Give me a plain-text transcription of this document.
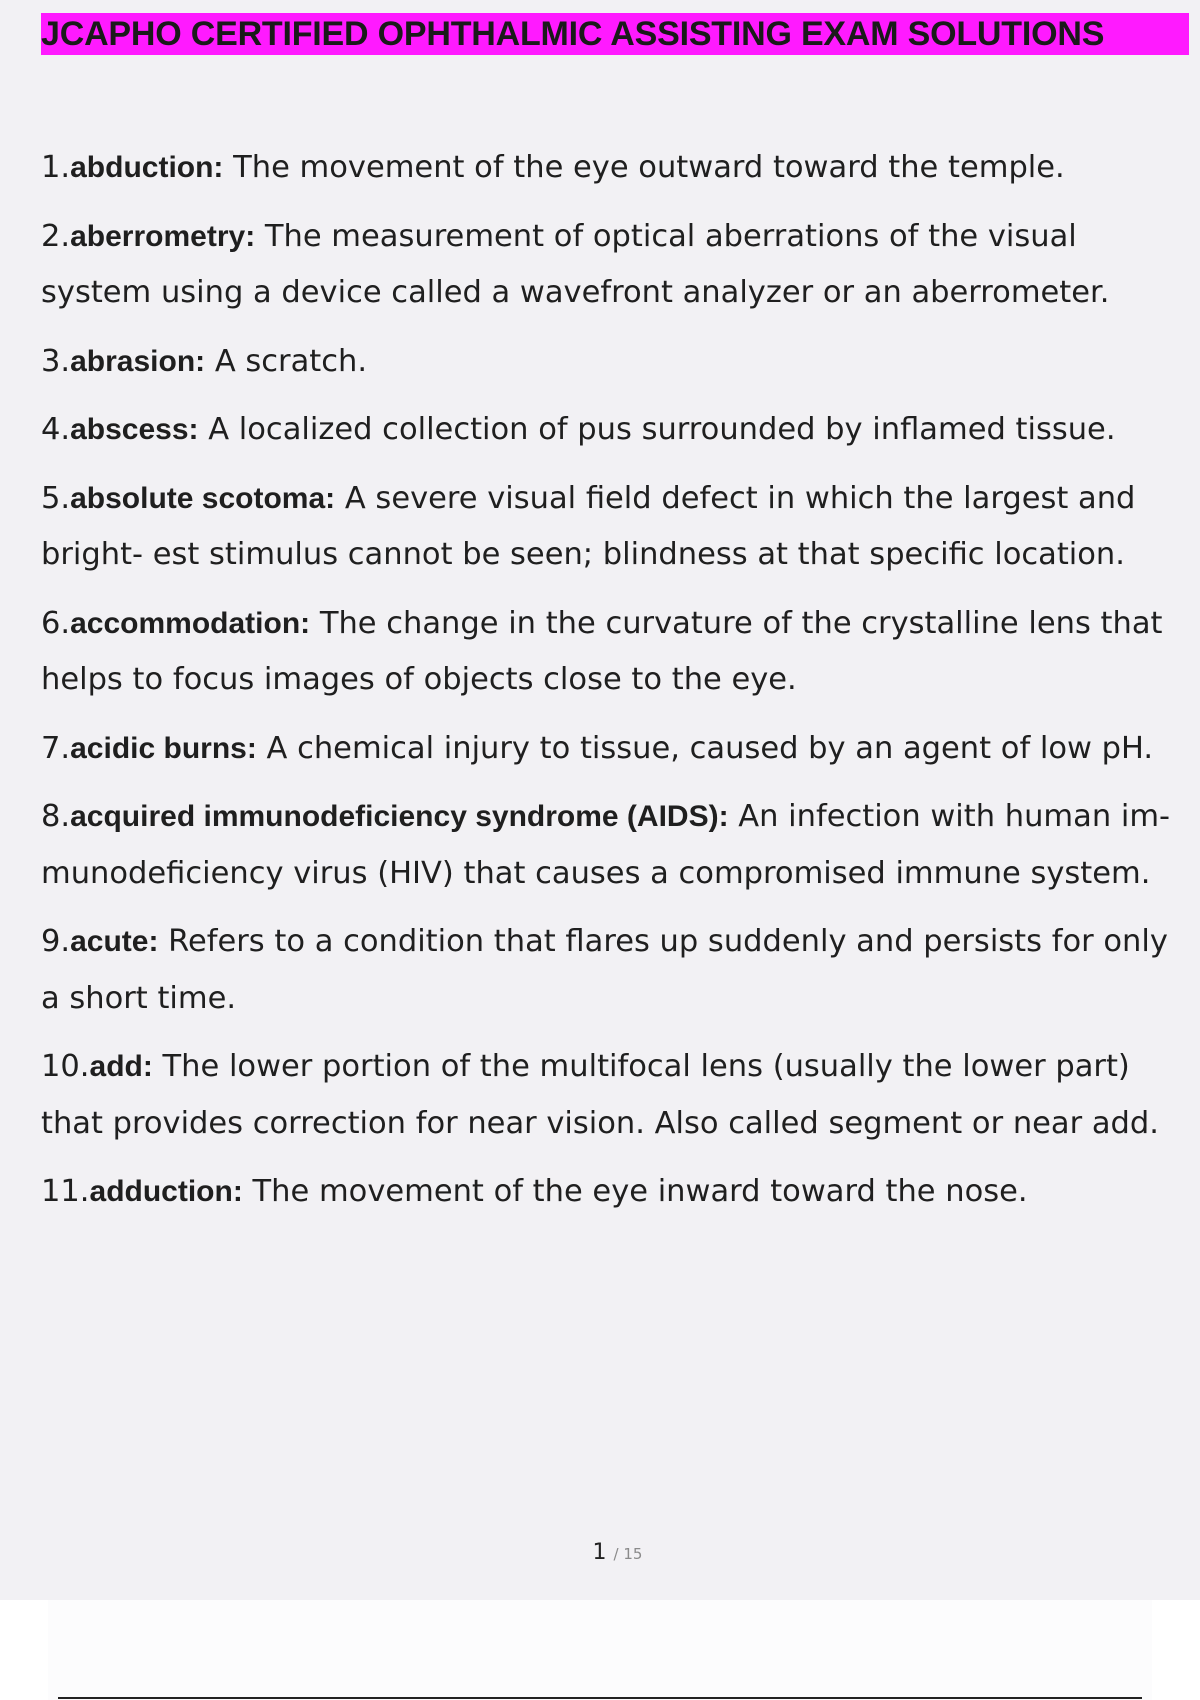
JCAPHO CERTIFIED OPHTHALMIC ASSISTING EXAM SOLUTIONS
1.abduction: The movement of the eye outward toward the temple.
2.aberrometry: The measurement of optical aberrations of the visual system using a device called a wavefront analyzer or an aberrometer.
3.abrasion: A scratch.
4.abscess: A localized collection of pus surrounded by inflamed tissue.
5.absolute scotoma: A severe visual field defect in which the largest and bright- est stimulus cannot be seen; blindness at that specific location.
6.accommodation: The change in the curvature of the crystalline lens that helps to focus images of objects close to the eye.
7.acidic burns: A chemical injury to tissue, caused by an agent of low pH.
8.acquired immunodeficiency syndrome (AIDS): An infection with human im- munodeficiency virus (HIV) that causes a compromised immune system.
9.acute: Refers to a condition that flares up suddenly and persists for only a short time.
10.add: The lower portion of the multifocal lens (usually the lower part) that provides correction for near vision. Also called segment or near add.
11.adduction: The movement of the eye inward toward the nose.
1 / 15
